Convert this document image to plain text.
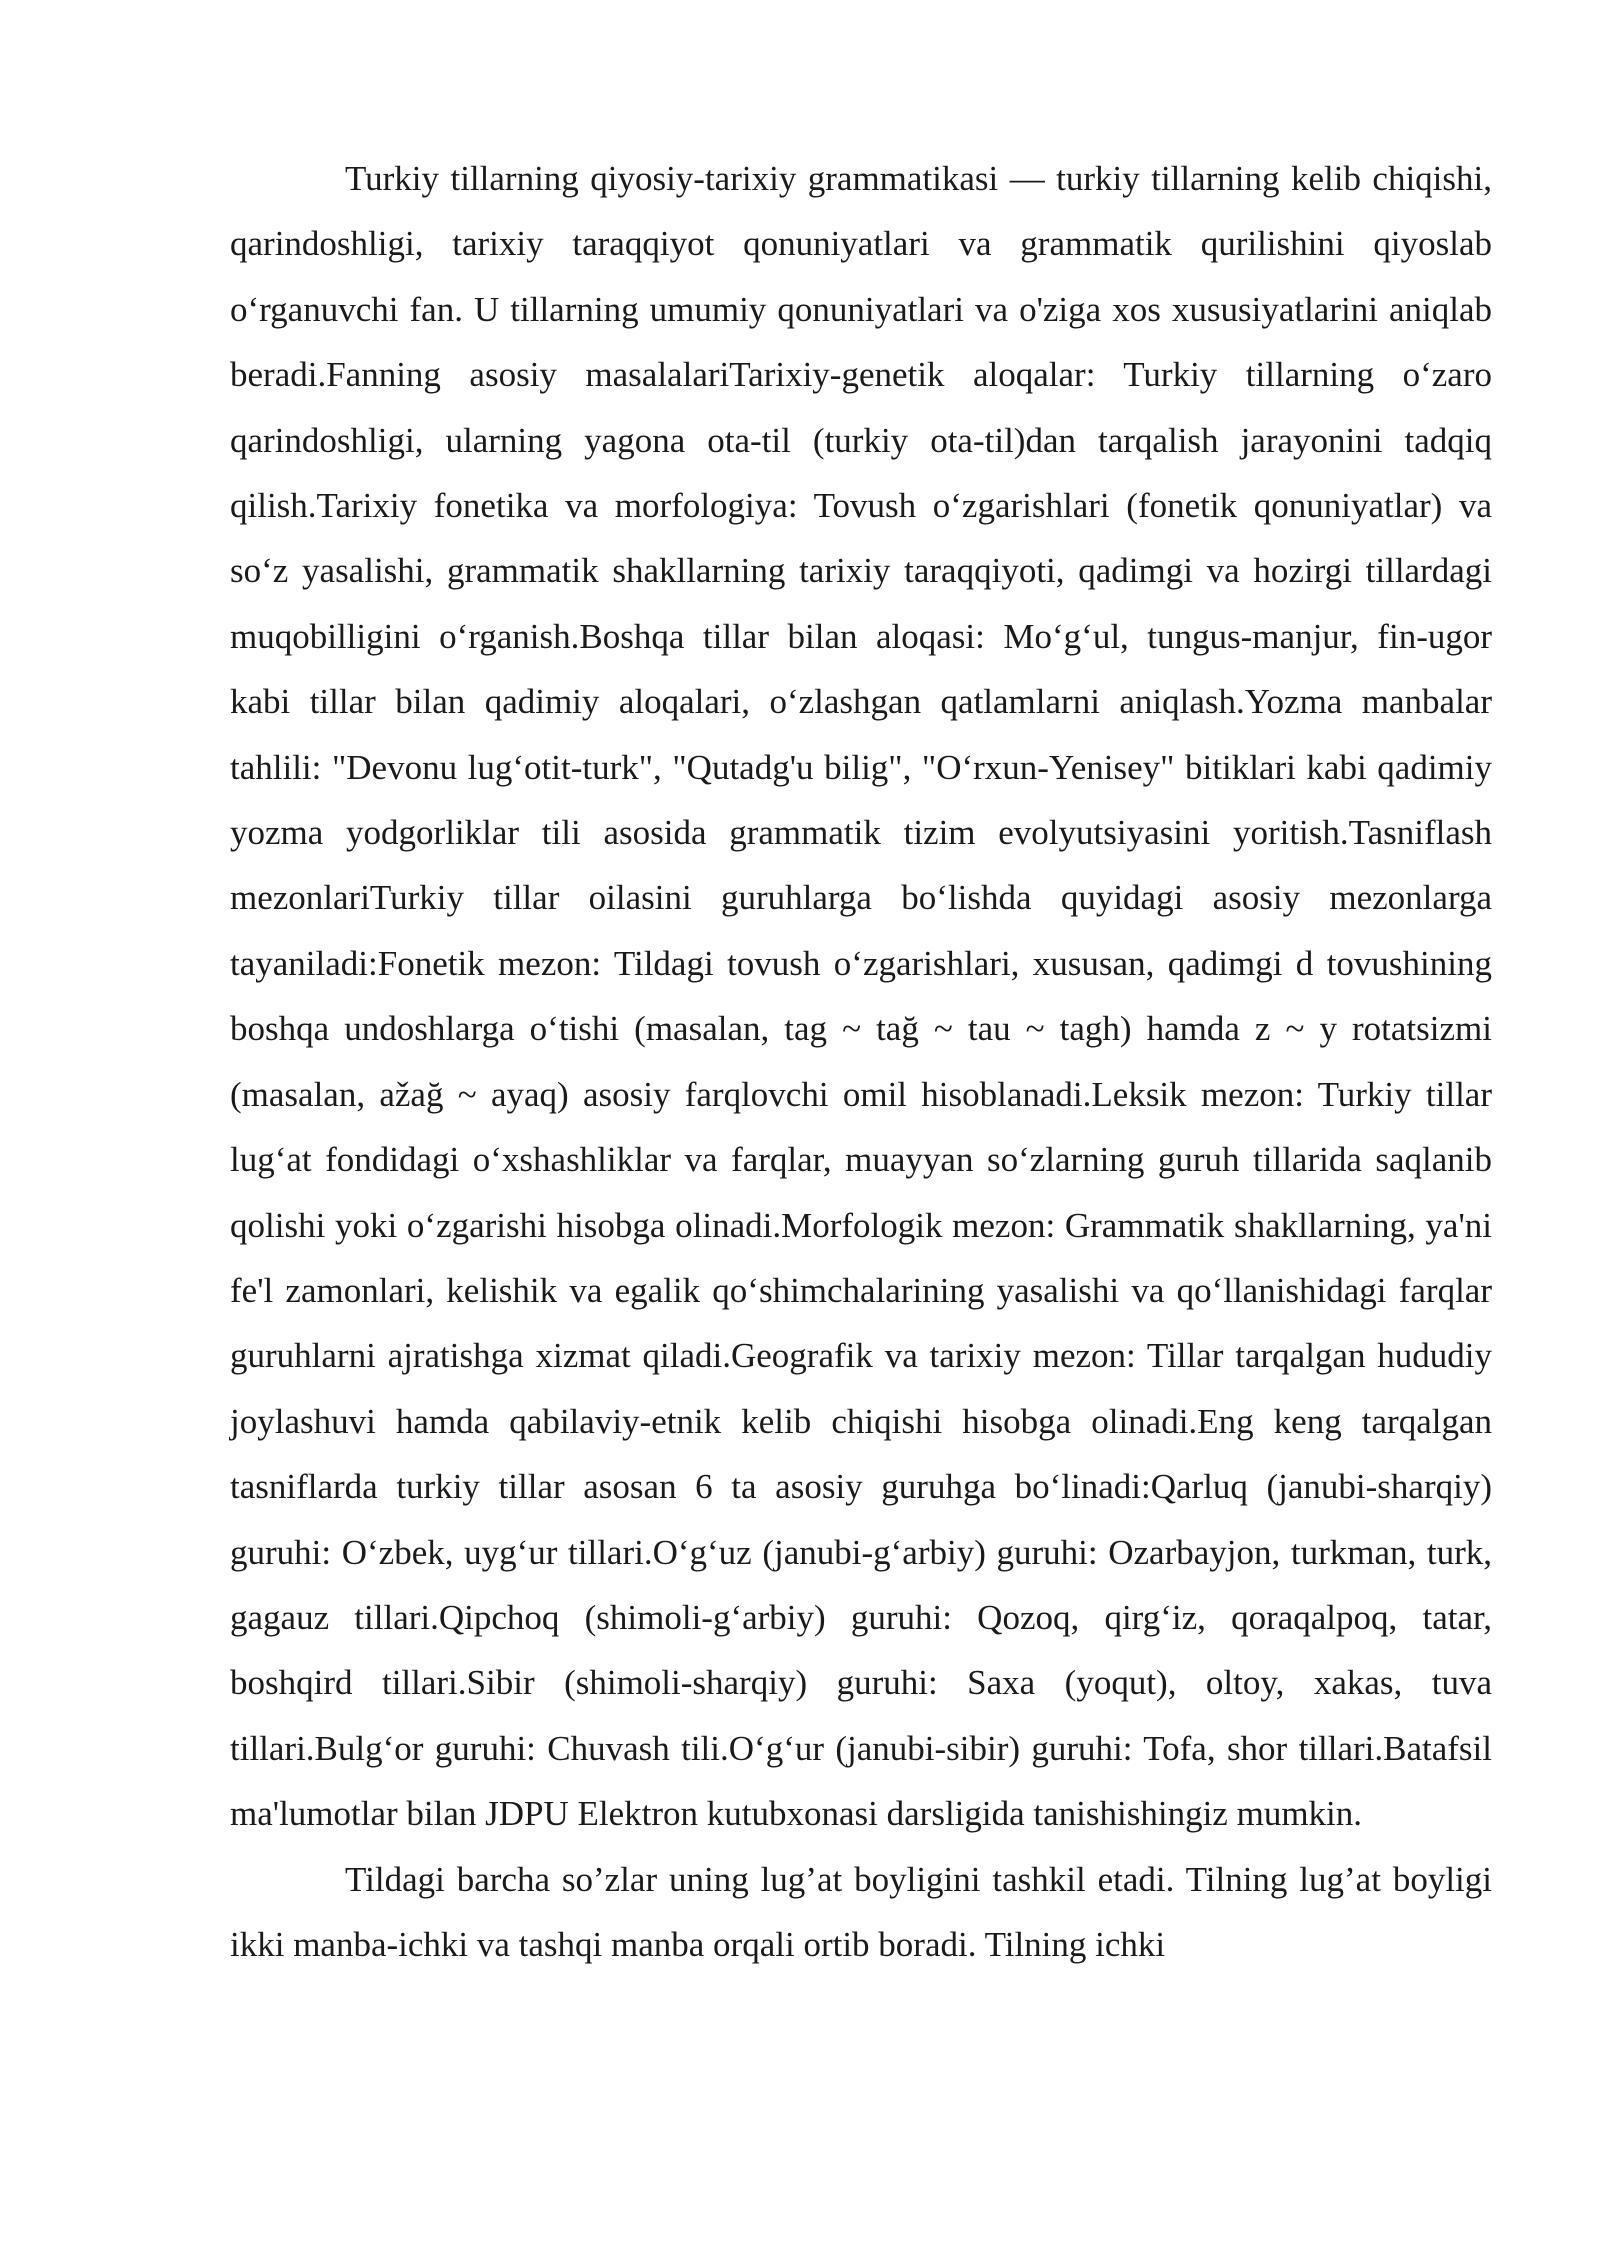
Turkiy tillarning qiyosiy-tarixiy grammatikasi — turkiy tillarning kelib chiqishi, qarindoshligi, tarixiy taraqqiyot qonuniyatlari va grammatik qurilishini qiyoslab o‘rganuvchi fan. U tillarning umumiy qonuniyatlari va o'ziga xos xususiyatlarini aniqlab beradi.Fanning asosiy masalalariTarixiy-genetik aloqalar: Turkiy tillarning o‘zaro qarindoshligi, ularning yagona ota-til (turkiy ota-til)dan tarqalish jarayonini tadqiq qilish.Tarixiy fonetika va morfologiya: Tovush o‘zgarishlari (fonetik qonuniyatlar) va so‘z yasalishi, grammatik shakllarning tarixiy taraqqiyoti, qadimgi va hozirgi tillardagi muqobilligini o‘rganish.Boshqa tillar bilan aloqasi: Mo‘g‘ul, tungus-manjur, fin-ugor kabi tillar bilan qadimiy aloqalari, o‘zlashgan qatlamlarni aniqlash.Yozma manbalar tahlili: "Devonu lug‘otit-turk", "Qutadg'u bilig", "O‘rxun-Yenisey" bitiklari kabi qadimiy yozma yodgorliklar tili asosida grammatik tizim evolyutsiyasini yoritish.Tasniflash mezonlariTurkiy tillar oilasini guruhlarga bo‘lishda quyidagi asosiy mezonlarga tayaniladi:Fonetik mezon: Tildagi tovush o‘zgarishlari, xususan, qadimgi d tovushining boshqa undoshlarga o‘tishi (masalan, tag ~ tağ ~ tau ~ tagh) hamda z ~ y rotatsizmi (masalan, ažağ ~ ayaq) asosiy farqlovchi omil hisoblanadi.Leksik mezon: Turkiy tillar lug‘at fondidagi o‘xshashliklar va farqlar, muayyan so‘zlarning guruh tillarida saqlanib qolishi yoki o‘zgarishi hisobga olinadi.Morfologik mezon: Grammatik shakllarning, ya'ni fe'l zamonlari, kelishik va egalik qo‘shimchalarining yasalishi va qo‘llanishidagi farqlar guruhlarni ajratishga xizmat qiladi.Geografik va tarixiy mezon: Tillar tarqalgan hududiy joylashuvi hamda qabilaviy-etnik kelib chiqishi hisobga olinadi.Eng keng tarqalgan tasniflarda turkiy tillar asosan 6 ta asosiy guruhga bo‘linadi:Qarluq (janubi-sharqiy) guruhi: O‘zbek, uyg‘ur tillari.O‘g‘uz (janubi-g‘arbiy) guruhi: Ozarbayjon, turkman, turk, gagauz tillari.Qipchoq (shimoli-g‘arbiy) guruhi: Qozoq, qirg‘iz, qoraqalpoq, tatar, boshqird tillari.Sibir (shimoli-sharqiy) guruhi: Saxa (yoqut), oltoy, xakas, tuva tillari.Bulg‘or guruhi: Chuvash tili.O‘g‘ur (janubi-sibir) guruhi: Tofa, shor tillari.Batafsil ma'lumotlar bilan JDPU Elektron kutubxonasi darsligida tanishishingiz mumkin.

Tildagi barcha so’zlar uning lug’at boyligini tashkil etadi. Tilning lug’at boyligi ikki manba-ichki va tashqi manba orqali ortib boradi. Tilning ichki
